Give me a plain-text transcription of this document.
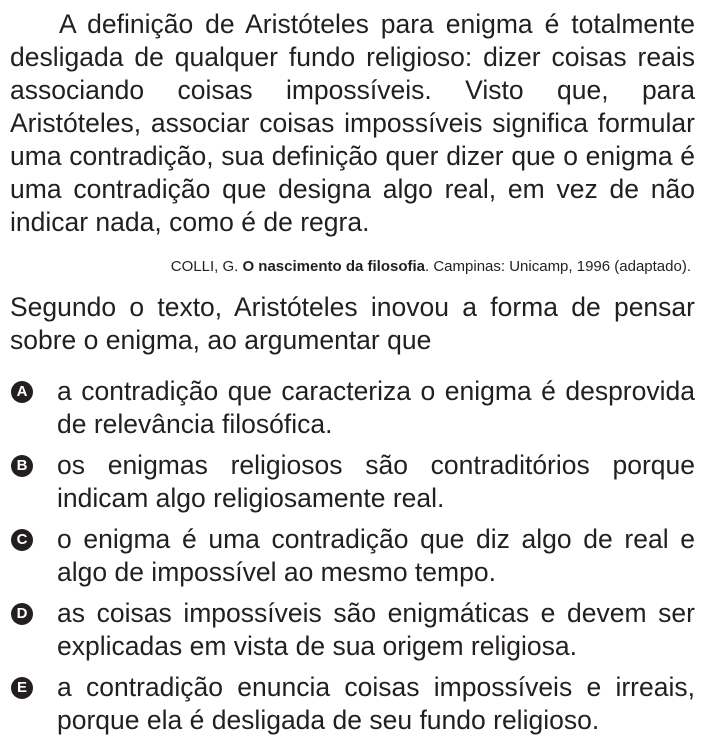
A definição de Aristóteles para enigma é totalmente desligada de qualquer fundo religioso: dizer coisas reais associando coisas impossíveis. Visto que, para Aristóteles, associar coisas impossíveis significa formular uma contradição, sua definição quer dizer que o enigma é uma contradição que designa algo real, em vez de não indicar nada, como é de regra.

COLLI, G. O nascimento da filosofia. Campinas: Unicamp, 1996 (adaptado).

Segundo o texto, Aristóteles inovou a forma de pensar sobre o enigma, ao argumentar que

A a contradição que caracteriza o enigma é desprovida de relevância filosófica.
B os enigmas religiosos são contraditórios porque indicam algo religiosamente real.
C o enigma é uma contradição que diz algo de real e algo de impossível ao mesmo tempo.
D as coisas impossíveis são enigmáticas e devem ser explicadas em vista de sua origem religiosa.
E a contradição enuncia coisas impossíveis e irreais, porque ela é desligada de seu fundo religioso.
